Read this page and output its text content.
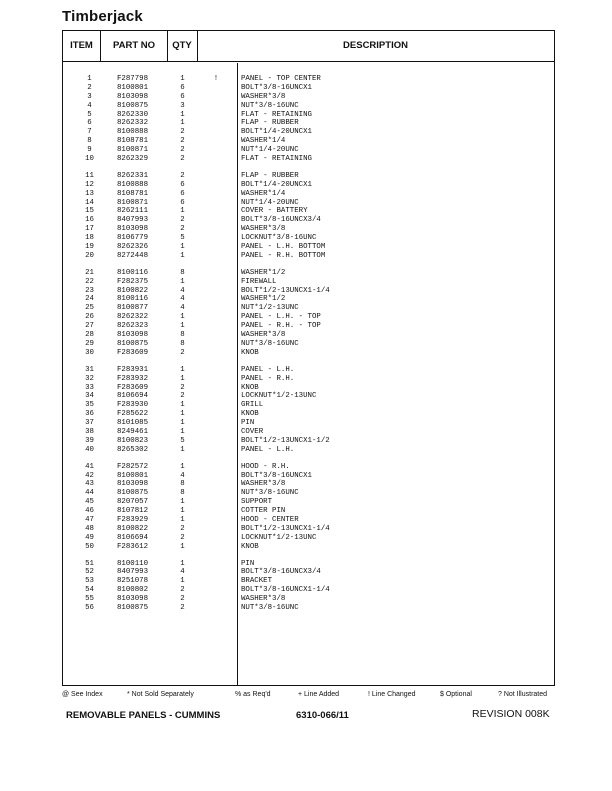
Timberjack
ITEM	PART NO	QTY	DESCRIPTION
1	F287798	1	!	PANEL - TOP CENTER
2	8100801	6	BOLT*3/8-16UNCX1
3	8103098	6	WASHER*3/8
4	8100875	3	NUT*3/8-16UNC
5	8262330	1	FLAT - RETAINING
6	8262332	1	FLAP - RUBBER
7	8100888	2	BOLT*1/4-20UNCX1
8	8108781	2	WASHER*1/4
9	8100871	2	NUT*1/4-20UNC
10	8262329	2	FLAT - RETAINING
11	8262331	2	FLAP - RUBBER
12	8100888	6	BOLT*1/4-20UNCX1
13	8108781	6	WASHER*1/4
14	8100871	6	NUT*1/4-20UNC
15	8262111	1	COVER - BATTERY
16	8407993	2	BOLT*3/8-16UNCX3/4
17	8103098	2	WASHER*3/8
18	8106779	5	LOCKNUT*3/8-16UNC
19	8262326	1	PANEL - L.H. BOTTOM
20	8272448	1	PANEL - R.H. BOTTOM
21	8100116	8	WASHER*1/2
22	F282375	1	FIREWALL
23	8100822	4	BOLT*1/2-13UNCX1-1/4
24	8100116	4	WASHER*1/2
25	8100877	4	NUT*1/2-13UNC
26	8262322	1	PANEL - L.H. - TOP
27	8262323	1	PANEL - R.H. - TOP
28	8103098	8	WASHER*3/8
29	8100875	8	NUT*3/8-16UNC
30	F283609	2	KNOB
31	F283931	1	PANEL - L.H.
32	F283932	1	PANEL - R.H.
33	F283609	2	KNOB
34	8106694	2	LOCKNUT*1/2-13UNC
35	F283930	1	GRILL
36	F285622	1	KNOB
37	8101085	1	PIN
38	8249461	1	COVER
39	8100823	5	BOLT*1/2-13UNCX1-1/2
40	8265302	1	PANEL - L.H.
41	F282572	1	HOOD - R.H.
42	8100801	4	BOLT*3/8-16UNCX1
43	8103098	8	WASHER*3/8
44	8100875	8	NUT*3/8-16UNC
45	8207057	1	SUPPORT
46	8107812	1	COTTER PIN
47	F283929	1	HOOD - CENTER
48	8100822	2	BOLT*1/2-13UNCX1-1/4
49	8106694	2	LOCKNUT*1/2-13UNC
50	F283612	1	KNOB
51	8100110	1	PIN
52	8407993	4	BOLT*3/8-16UNCX3/4
53	8251078	1	BRACKET
54	8100802	2	BOLT*3/8-16UNCX1-1/4
55	8103098	2	WASHER*3/8
56	8100875	2	NUT*3/8-16UNC
@ See Index	* Not Sold Separately	% as Req'd	+ Line Added	! Line Changed	$ Optional	? Not Illustrated
REMOVABLE PANELS - CUMMINS	6310-066/11	REVISION 008K
